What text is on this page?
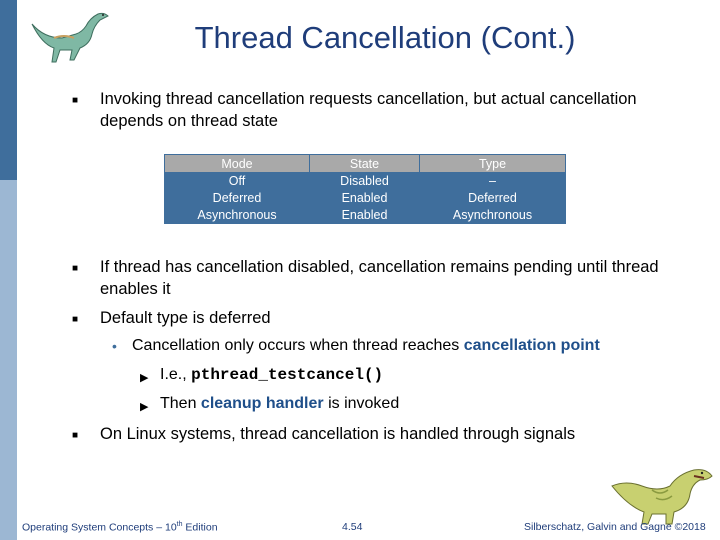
Thread Cancellation (Cont.)
■	Invoking thread cancellation requests cancellation, but actual cancellation depends on thread state
Mode	State	Type
Off	Disabled	–
Deferred	Enabled	Deferred
Asynchronous	Enabled	Asynchronous
■	If thread has cancellation disabled, cancellation remains pending until thread enables it
■	Default type is deferred
• Cancellation only occurs when thread reaches cancellation point
▶ I.e., pthread_testcancel()
▶ Then cleanup handler is invoked
■	On Linux systems, thread cancellation is handled through signals
Operating System Concepts – 10th Edition	4.54	Silberschatz, Galvin and Gagne ©2018
